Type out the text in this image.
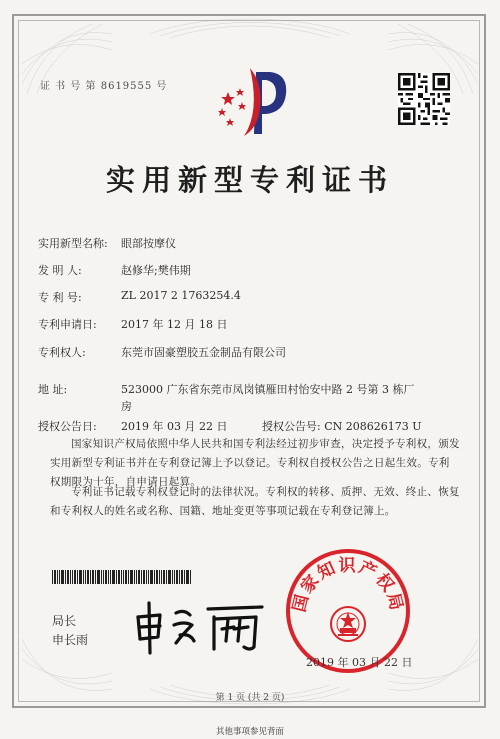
证 书 号 第 8619555 号
实用新型专利证书
实用新型名称: 眼部按摩仪
发 明 人:	赵修华;樊伟期
专 利 号:	ZL 2017 2 1763254.4
专利申请日: 2017 年 12 月 18 日
专利权人:	东莞市固豪塑胶五金制品有限公司
地 址:	523000 广东省东莞市凤岗镇雁田村怡安中路 2 号第 3 栋厂房
授权公告日: 2019 年 03 月 22 日	授权公告号: CN 208626173 U
国家知识产权局依照中华人民共和国专利法经过初步审查，决定授予专利权，颁发实用新型专利证书并在专利登记簿上予以登记。专利权自授权公告之日起生效。专利权期限为十年，自申请日起算。
专利证书记载专利权登记时的法律状况。专利权的转移、质押、无效、终止、恢复和专利权人的姓名或名称、国籍、地址变更等事项记载在专利登记簿上。
局长
申长雨
国家知识产权局
2019 年 03 月 22 日
第 1 页 (共 2 页)
其他事项参见背面
